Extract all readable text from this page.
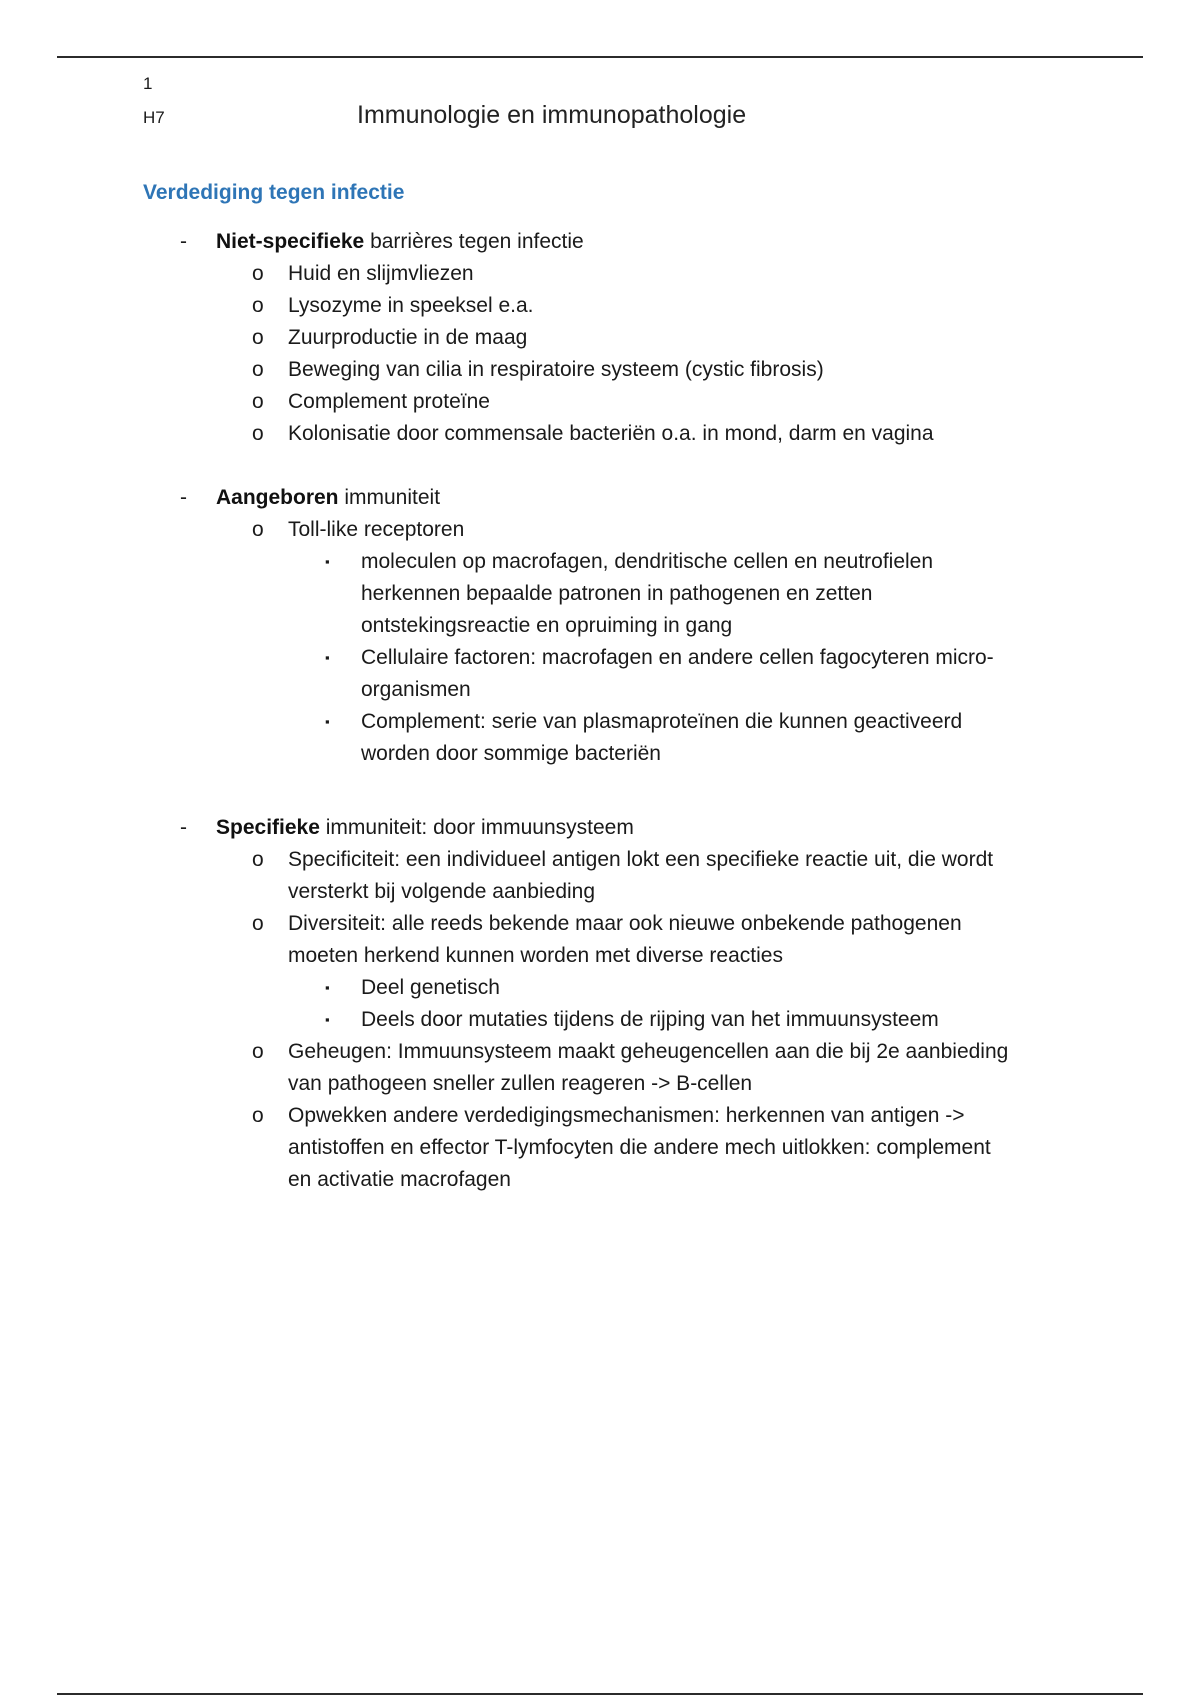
1
H7	Immunologie en immunopathologie
Verdediging tegen infectie
- Niet-specifieke barrières tegen infectie
o Huid en slijmvliezen
o Lysozyme in speeksel e.a.
o Zuurproductie in de maag
o Beweging van cilia in respiratoire systeem (cystic fibrosis)
o Complement proteïne
o Kolonisatie door commensale bacteriën o.a. in mond, darm en vagina
- Aangeboren immuniteit
o Toll-like receptoren
▪ moleculen op macrofagen, dendritische cellen en neutrofielen
herkennen bepaalde patronen in pathogenen en zetten
ontstekingsreactie en opruiming in gang
▪ Cellulaire factoren: macrofagen en andere cellen fagocyteren micro-
organismen
▪ Complement: serie van plasmaproteïnen die kunnen geactiveerd
worden door sommige bacteriën
- Specifieke immuniteit: door immuunsysteem
o Specificiteit: een individueel antigen lokt een specifieke reactie uit, die wordt
versterkt bij volgende aanbieding
o Diversiteit: alle reeds bekende maar ook nieuwe onbekende pathogenen
moeten herkend kunnen worden met diverse reacties
▪ Deel genetisch
▪ Deels door mutaties tijdens de rijping van het immuunsysteem
o Geheugen: Immuunsysteem maakt geheugencellen aan die bij 2e aanbieding
van pathogeen sneller zullen reageren -> B-cellen
o Opwekken andere verdedigingsmechanismen: herkennen van antigen ->
antistoffen en effector T-lymfocyten die andere mech uitlokken: complement
en activatie macrofagen
